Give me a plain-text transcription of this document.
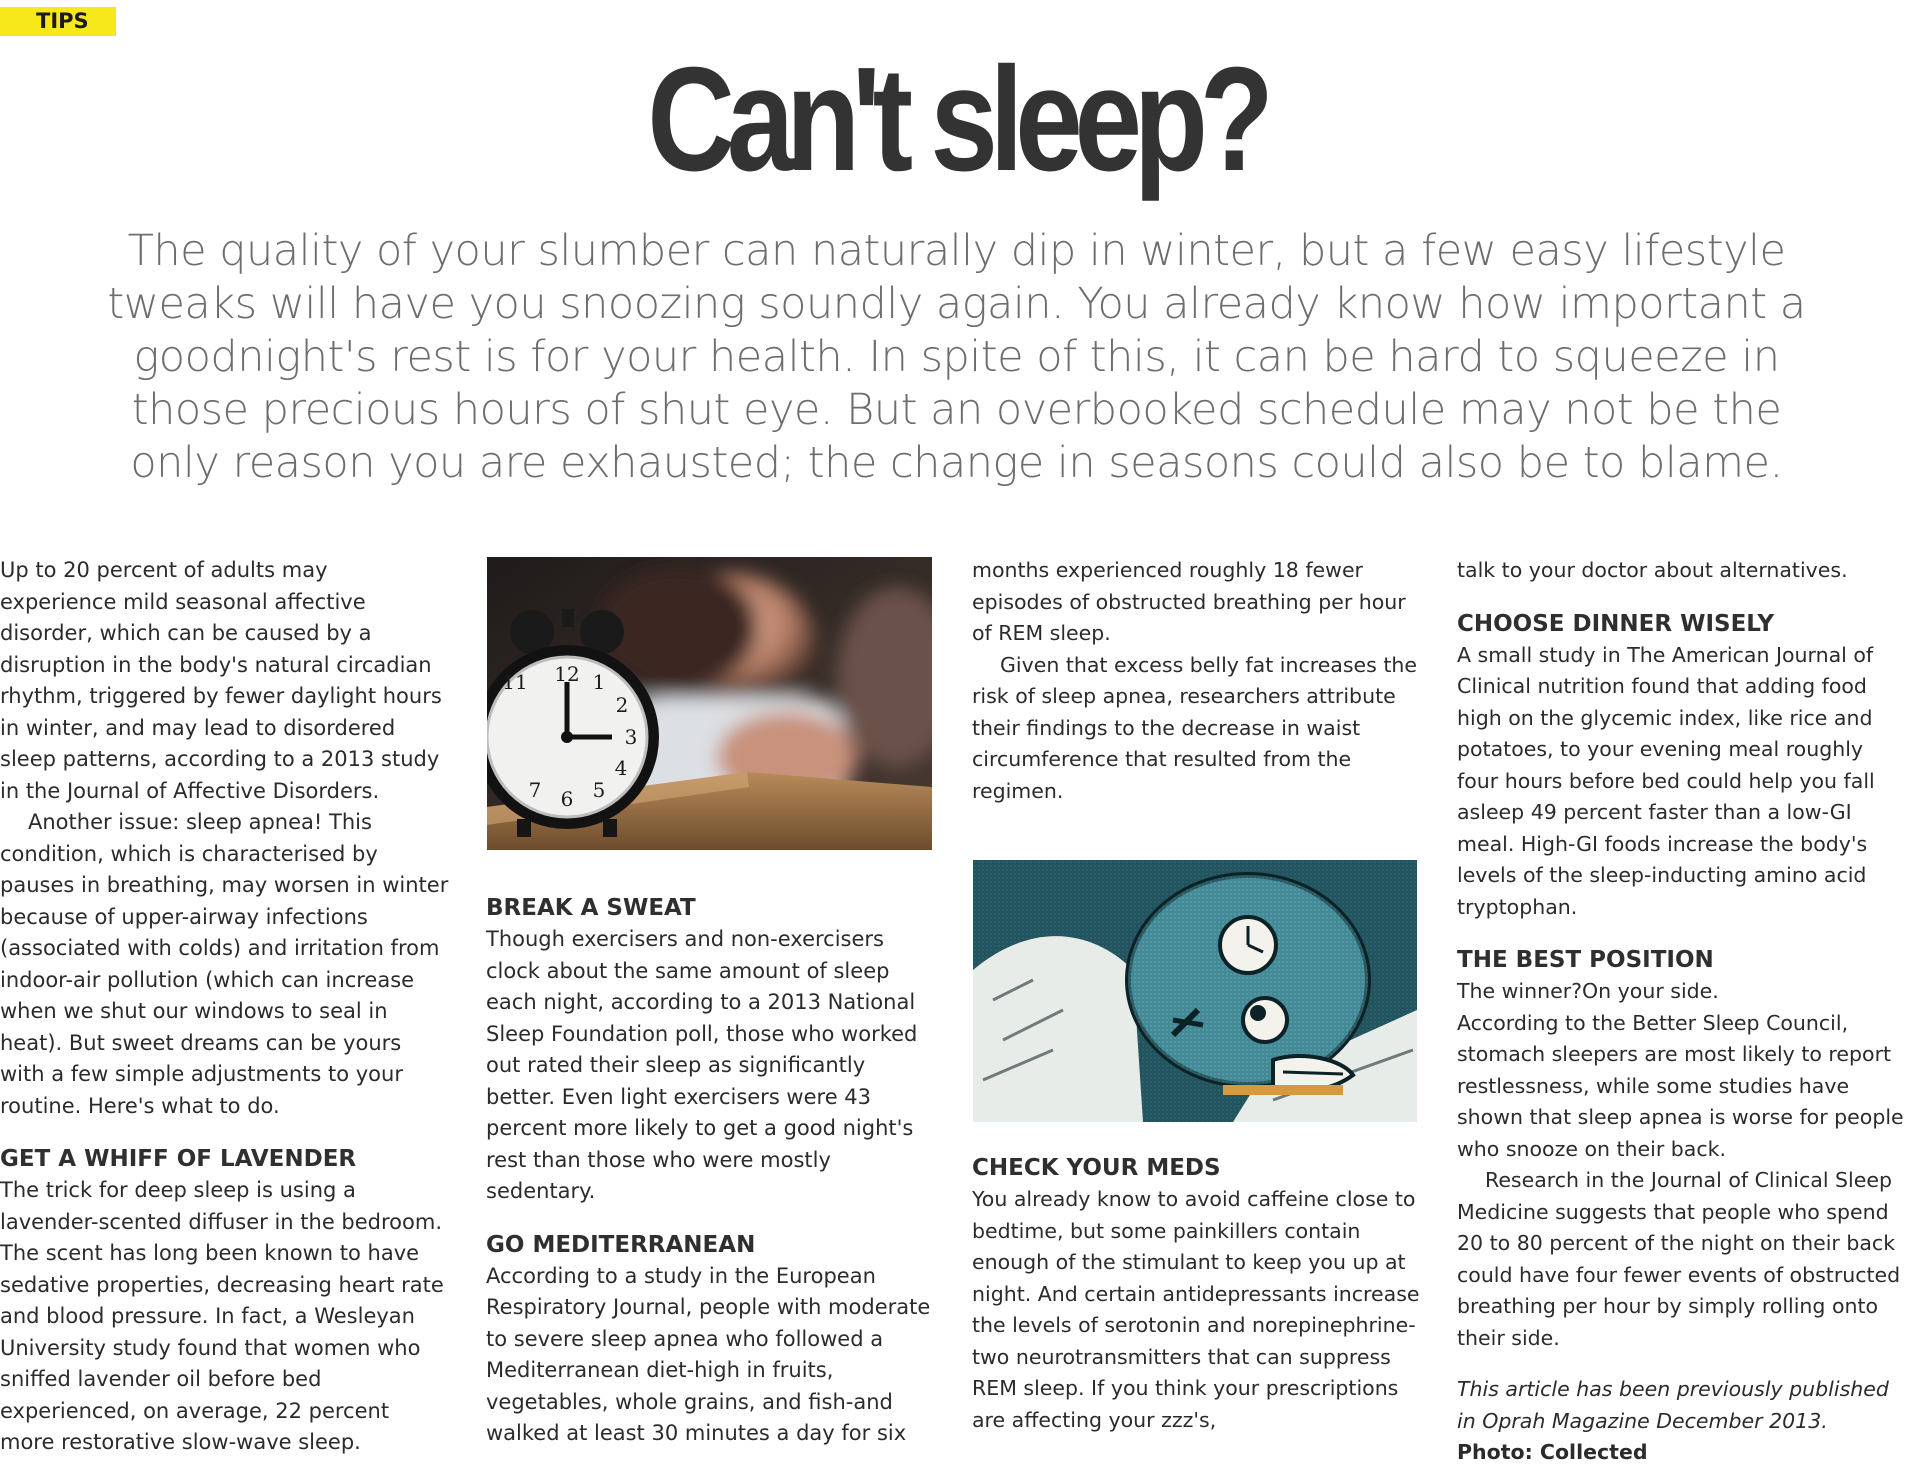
TIPS
Can't sleep?

The quality of your slumber can naturally dip in winter, but a few easy lifestyle tweaks will have you snoozing soundly again. You already know how important a goodnight's rest is for your health. In spite of this, it can be hard to squeeze in those precious hours of shut eye. But an overbooked schedule may not be the only reason you are exhausted; the change in seasons could also be to blame.

Up to 20 percent of adults may experience mild seasonal affective disorder, which can be caused by a disruption in the body's natural circadian rhythm, triggered by fewer daylight hours in winter, and may lead to disordered sleep patterns, according to a 2013 study in the Journal of Affective Disorders.

Another issue: sleep apnea! This condition, which is characterised by pauses in breathing, may worsen in winter because of upper-airway infections (associated with colds) and irritation from indoor-air pollution (which can increase when we shut our windows to seal in heat). But sweet dreams can be yours with a few simple adjustments to your routine. Here's what to do.

GET A WHIFF OF LAVENDER

The trick for deep sleep is using a lavender-scented diffuser in the bedroom. The scent has long been known to have sedative properties, decreasing heart rate and blood pressure. In fact, a Wesleyan University study found that women who sniffed lavender oil before bed experienced, on average, 22 percent more restorative slow-wave sleep.

12 1
2
3
4
5
6
7
11
BREAK A SWEAT

Though exercisers and non-exercisers clock about the same amount of sleep each night, according to a 2013 National Sleep Foundation poll, those who worked out rated their sleep as significantly better. Even light exercisers were 43 percent more likely to get a good night's rest than those who were mostly sedentary.

GO MEDITERRANEAN

According to a study in the European Respiratory Journal, people with moderate to severe sleep apnea who followed a Mediterranean diet-high in fruits, vegetables, whole grains, and fish-and walked at least 30 minutes a day for six

months experienced roughly 18 fewer episodes of obstructed breathing per hour of REM sleep.

Given that excess belly fat increases the risk of sleep apnea, researchers attribute their findings to the decrease in waist circumference that resulted from the regimen.

CHECK YOUR MEDS

You already know to avoid caffeine close to bedtime, but some painkillers contain enough of the stimulant to keep you up at night. And certain antidepressants increase the levels of serotonin and norepinephrine-two neurotransmitters that can suppress REM sleep. If you think your prescriptions are affecting your zzz's,

talk to your doctor about alternatives.

CHOOSE DINNER WISELY

A small study in The American Journal of Clinical nutrition found that adding food high on the glycemic index, like rice and potatoes, to your evening meal roughly four hours before bed could help you fall asleep 49 percent faster than a low-GI meal. High-GI foods increase the body's levels of the sleep-inducting amino acid tryptophan.

THE BEST POSITION

The winner?On your side.

According to the Better Sleep Council, stomach sleepers are most likely to report restlessness, while some studies have shown that sleep apnea is worse for people who snooze on their back.

Research in the Journal of Clinical Sleep Medicine suggests that people who spend 20 to 80 percent of the night on their back could have four fewer events of obstructed breathing per hour by simply rolling onto their side.

This article has been previously published in Oprah Magazine December 2013.

Photo: Collected
